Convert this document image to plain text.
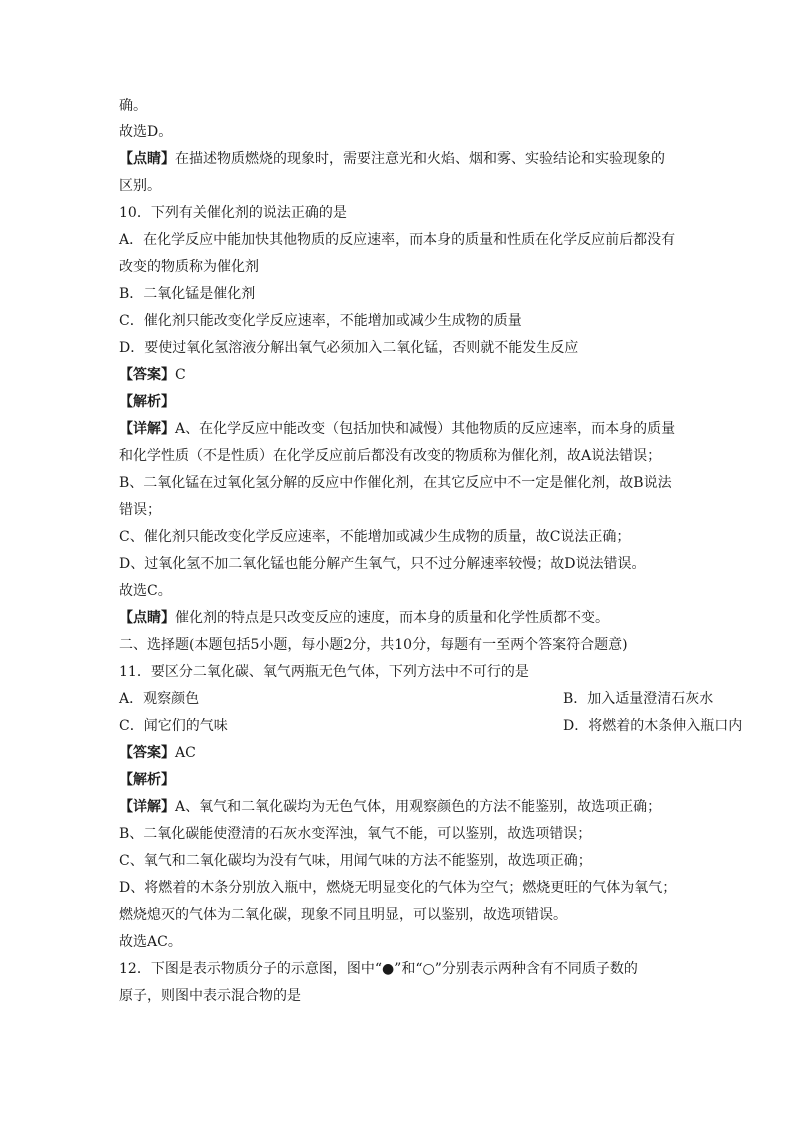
确。
故选D。
【点睛】在描述物质燃烧的现象时，需要注意光和火焰、烟和雾、实验结论和实验现象的
区别。
10．下列有关催化剂的说法正确的是
A．在化学反应中能加快其他物质的反应速率，而本身的质量和性质在化学反应前后都没有
改变的物质称为催化剂
B．二氧化锰是催化剂
C．催化剂只能改变化学反应速率，不能增加或减少生成物的质量
D．要使过氧化氢溶液分解出氧气必须加入二氧化锰，否则就不能发生反应
【答案】C
【解析】
【详解】A、在化学反应中能改变（包括加快和减慢）其他物质的反应速率，而本身的质量
和化学性质（不是性质）在化学反应前后都没有改变的物质称为催化剂，故A说法错误；
B、二氧化锰在过氧化氢分解的反应中作催化剂，在其它反应中不一定是催化剂，故B说法
错误；
C、催化剂只能改变化学反应速率，不能增加或减少生成物的质量，故C说法正确；
D、过氧化氢不加二氧化锰也能分解产生氧气，只不过分解速率较慢；故D说法错误。
故选C。
【点睛】催化剂的特点是只改变反应的速度，而本身的质量和化学性质都不变。
二、选择题(本题包括5小题，每小题2分，共10分，每题有一至两个答案符合题意)
11．要区分二氧化碳、氧气两瓶无色气体，下列方法中不可行的是
A．观察颜色	B．加入适量澄清石灰水
C．闻它们的气味	D．将燃着的木条伸入瓶口内
【答案】AC
【解析】
【详解】A、氧气和二氧化碳均为无色气体，用观察颜色的方法不能鉴别，故选项正确；
B、二氧化碳能使澄清的石灰水变浑浊，氧气不能，可以鉴别，故选项错误；
C、氧气和二氧化碳均为没有气味，用闻气味的方法不能鉴别，故选项正确；
D、将燃着的木条分别放入瓶中，燃烧无明显变化的气体为空气；燃烧更旺的气体为氧气；
燃烧熄灭的气体为二氧化碳，现象不同且明显，可以鉴别，故选项错误。
故选AC。
12．下图是表示物质分子的示意图，图中“●”和“○”分别表示两种含有不同质子数的
原子，则图中表示混合物的是
